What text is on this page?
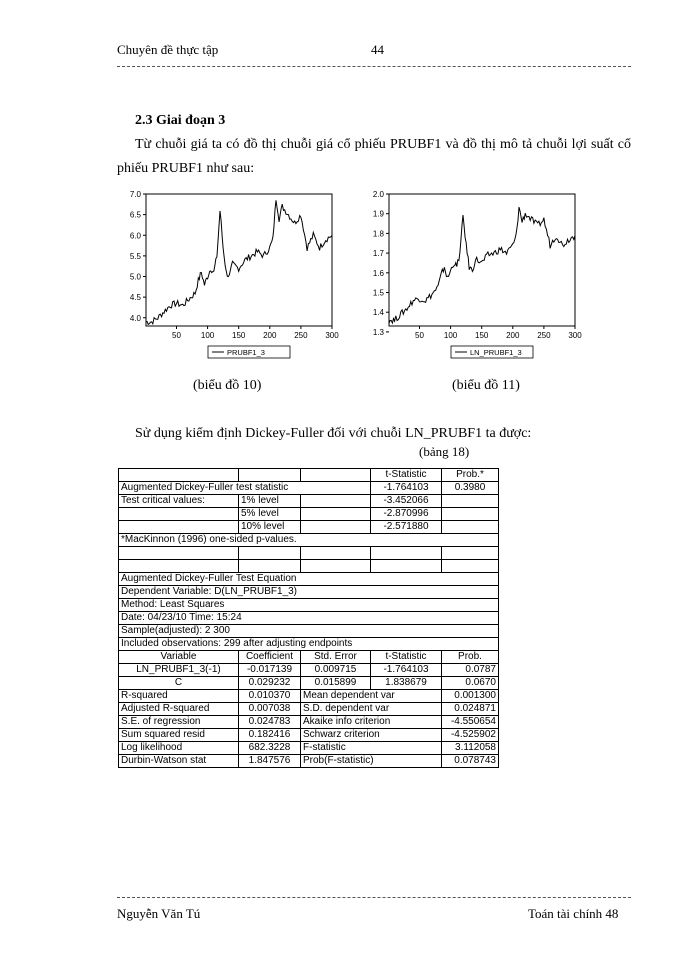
Chuyên đề thực tập	44
2.3 Giai đoạn 3
Từ chuỗi giá ta có đồ thị chuỗi giá cổ phiếu PRUBF1 và đồ thị mô tả chuỗi lợi suất cổ phiếu PRUBF1 như sau:
4.0
4.5
5.0
5.5
6.0
6.5
7.0
50 100 150 200 250 300
PRUBF1_3
(biểu đồ 10)
1.3
1.4
1.5
1.6
1.7
1.8
1.9
2.0
50 100 150 200 250 300
LN_PRUBF1_3
(biểu đồ 11)
Sử dụng kiểm định Dickey-Fuller đối với chuỗi LN_PRUBF1 ta được:
(bảng 18)
			t-Statistic	Prob.*
Augmented Dickey-Fuller test statistic			-1.764103	0.3980
Test critical values:	1% level		-3.452066	
	5% level		-2.870996	
	10% level		-2.571880	
*MacKinnon (1996) one-sided p-values.				

Augmented Dickey-Fuller Test Equation				
Dependent Variable: D(LN_PRUBF1_3)				
Method: Least Squares				
Date: 04/23/10 Time: 15:24				
Sample(adjusted): 2 300				
Included observations: 299 after adjusting endpoints				
Variable	Coefficient	Std. Error	t-Statistic	Prob.
LN_PRUBF1_3(-1)	-0.017139	0.009715	-1.764103	0.0787
C	0.029232	0.015899	1.838679	0.0670
R-squared	0.010370	Mean dependent var		0.001300
Adjusted R-squared	0.007038	S.D. dependent var		0.024871
S.E. of regression	0.024783	Akaike info criterion		-4.550654
Sum squared resid	0.182416	Schwarz criterion		-4.525902
Log likelihood	682.3228	F-statistic		3.112058
Durbin-Watson stat	1.847576	Prob(F-statistic)		0.078743
Nguyễn Văn Tú	Toán tài chính 48
